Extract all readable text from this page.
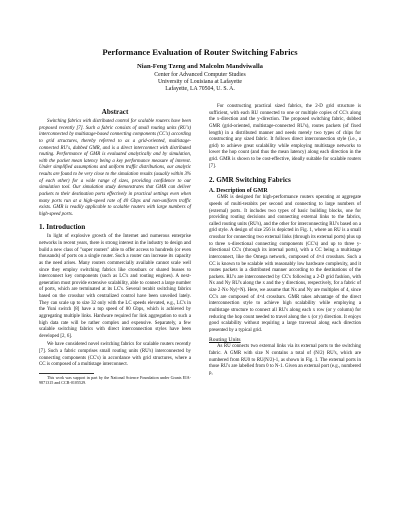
Performance Evaluation of Router Switching Fabrics
Nian-Feng Tzeng and Malcolm Mandviwalla
Center for Advanced Computer Studies
University of Louisiana at Lafayette
Lafayette, LA 70504, U. S. A.
Abstract

Switching fabrics with distributed control for scalable routers have been proposed recently [7]. Such a fabric consists of small routing units (RU's) interconnected by multistage-based connecting components (CC's) according to grid structures, thereby referred to as a grid-oriented, multistage-connected RU's, dubbed GMR, and is a direct interconnect with distributed routing. Performance of GMR is evaluated analytically and by simulation, with the packet mean latency being a key performance measure of interest. Under simplified assumptions and uniform traffic distributions, our analytic results are found to be very close to the simulation results (usually within 3% of each other) for a wide range of sizes, providing confidence to our simulation tool. Our simulation study demonstrates that GMR can deliver packets to their destination ports effectively in practical settings even when many ports run at a high-speed rate of 40 Gbps and non-uniform traffic exists. GMR is readily applicable to scalable routers with large numbers of high-speed ports.

1. Introduction

In light of explosive growth of the Internet and numerous enterprise networks in recent years, there is strong interest in the industry to design and build a new class of "super routers" able to offer access to hundreds (or even thousands) of ports on a single router. Such a router can increase its capacity as the need arises. Many routers commercially available cannot scale well since they employ switching fabrics like crossbars or shared busses to interconnect key components (such as LC's and routing engines). A next-generation must provide extensive scalability, able to connect a large number of ports, which are terminated at its LC's. Several terabit switching fabrics based on the crossbar with centralized control have been unveiled lately. They can scale up to size 32 only with the LC speeds elevated, e.g., LC's in the Yuni switch [8] have a top speed of 80 Gbps, which is achieved by aggregating multiple links. Hardware required for link aggregation to such a high data rate will be rather complex and expensive. Separately, a few scalable switching fabrics with direct interconnection styles have been developed [2, 6].

We have considered novel switching fabrics for scalable routers recently [7]. Such a fabric comprises small routing units (RU's) interconnected by connecting components (CC's) in accordance with grid structures, where a CC is composed of a multistage interconnect.

This work was support in part by the National Science Foundation under Grants EIA-9871315 and CCR-0105529.

For constructing practical sized fabrics, the 2-D grid structure is sufficient, with each RU connected to one or multiple copies of CC's along the x-direction and the y-direction. The proposed switching fabric, dubbed GMR (grid-oriented, multistage-connected RU's), routes packets (of fixed length) in a distributed manner and needs merely two types of chips for constructing any sized fabric. It follows direct interconnection style (i.e., a grid) to achieve great scalability while employing multistage networks to lower the hop count (and thus the mean latency) along each direction in the grid. GMR is shown to be cost-effective, ideally suitable for scalable routers [7].

2. GMR Switching Fabrics
A. Description of GMR

GMR is designed for high-performance routers operating at aggregate speeds of multi-terabits per second and connecting to large numbers of (external) ports. It includes two types of basic building blocks, one for providing routing decisions and connecting external links to the fabrics, called routing units (RU's), and the other for interconnecting RU's based on a grid style. A design of size 256 is depicted in Fig. 1, where an RU is a small crossbar for connecting two external links (through its external ports) plus up to three x-directional connecting components (CC's) and up to three y-directional CC's (through its internal ports), with a CC being a multistage interconnect, like the Omega network, composed of 4×4 crossbars. Such a CC is known to be scalable with reasonably low hardware complexity, and it routes packets in a distributed manner according to the destinations of the packets. RU's are interconnected by CC's following a 2-D grid fashion, with Nx and Ny RU's along the x and the y directions, respectively, for a fabric of size 2·Nx·Ny(=N). Here, we assume that Nx and Ny are multiples of 4, since CC's are composed of 4×4 crossbars. GMR takes advantage of the direct interconnection style to achieve high scalability while employing a multistage structure to connect all RU's along each x row (or y column) for reducing the hop count needed to travel along the x (or y) direction. It enjoys good scalability without requiring a large traversal along each direction presented by a typical grid.

Routing Units

As RU connects two external links via its external ports to the switching fabric. A GMR with size N contains a total of (N/2) RU's, which are numbered from RU0 to RU(N/2)-1, as shown in Fig. 1. The external ports in those RU's are labelled from 0 to N-1. Given an external port (e.g., numbered p,
